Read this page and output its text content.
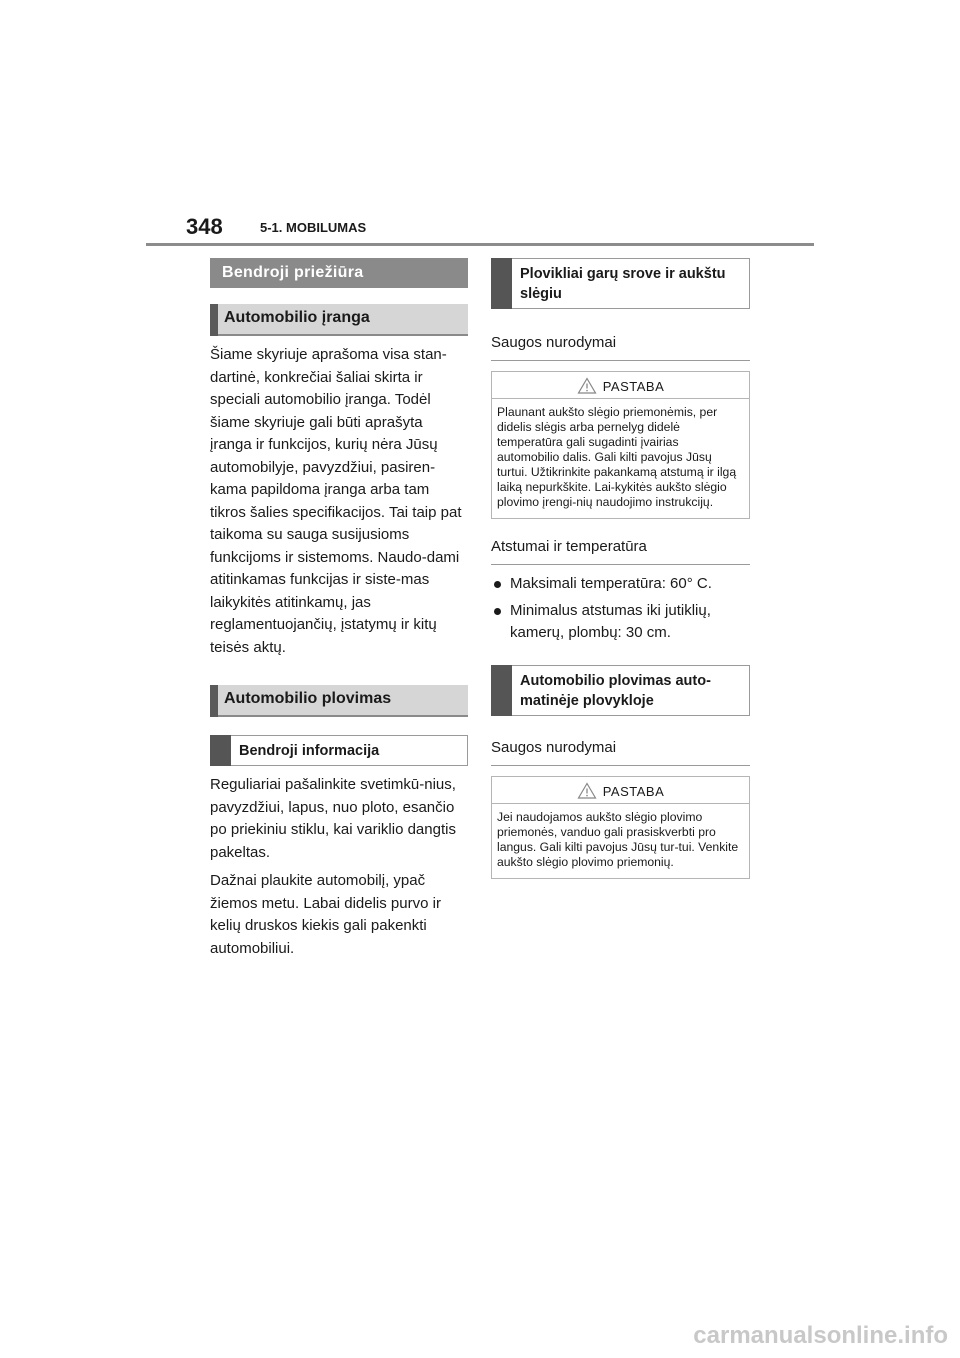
348	5-1. MOBILUMAS
Bendroji priežiūra
Automobilio įranga

Šiame skyriuje aprašoma visa stan-dartinė, konkrečiai šaliai skirta ir speciali automobilio įranga. Todėl šiame skyriuje gali būti aprašyta įranga ir funkcijos, kurių nėra Jūsų automobilyje, pavyzdžiui, pasiren-kama papildoma įranga arba tam tikros šalies specifikacijos. Tai taip pat taikoma su sauga susijusioms funkcijoms ir sistemoms. Naudo-dami atitinkamas funkcijas ir siste-mas laikykitės atitinkamų, jas reglamentuojančių, įstatymų ir kitų teisės aktų.

Automobilio plovimas
Bendroji informacija

Reguliariai pašalinkite svetimkū-nius, pavyzdžiui, lapus, nuo ploto, esančio po priekiniu stiklu, kai variklio dangtis pakeltas.

Dažnai plaukite automobilį, ypač žiemos metu. Labai didelis purvo ir kelių druskos kiekis gali pakenkti automobiliui.

Plovikliai garų srove ir aukštu slėgiu
Saugos nurodymai
PASTABA
Plaunant aukšto slėgio priemonėmis, per didelis slėgis arba pernelyg didelė temperatūra gali sugadinti įvairias automobilio dalis. Gali kilti pavojus Jūsų turtui. Užtikrinkite pakankamą atstumą ir ilgą laiką nepurkškite. Lai-kykitės aukšto slėgio plovimo įrengi-nių naudojimo instrukcijų.
Atstumai ir temperatūra
Maksimali temperatūra: 60° C.
Minimalus atstumas iki jutiklių, kamerų, plombų: 30 cm.
Automobilio plovimas auto-matinėje plovykloje
Saugos nurodymai
PASTABA
Jei naudojamos aukšto slėgio plovimo priemonės, vanduo gali prasiskverbti pro langus. Gali kilti pavojus Jūsų tur-tui. Venkite aukšto slėgio plovimo priemonių.
carmanualsonline.info
